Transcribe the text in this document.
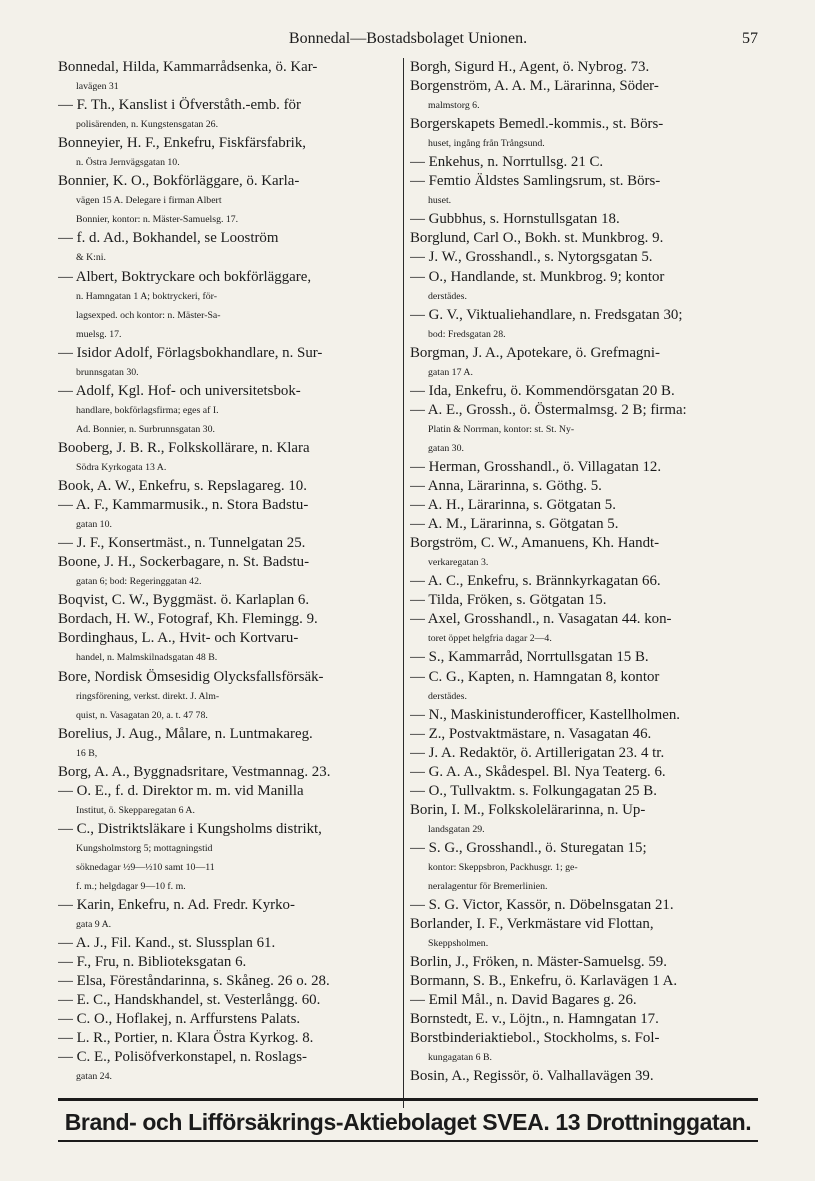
Bonnedal—Bostadsbolaget Unionen.	57
Bonnedal, Hilda, Kammarrådsenka, ö. Kar-
lavägen 31
— F. Th., Kanslist i Öfverståth.-emb. för
polisärenden, n. Kungstensgatan 26.
Bonneyier, H. F., Enkefru, Fiskfärsfabrik,
n. Östra Jernvägsgatan 10.
Bonnier, K. O., Bokförläggare, ö. Karla-
vägen 15 A. Delegare i firman Albert
Bonnier, kontor: n. Mäster-Samuelsg. 17.
— f. d. Ad., Bokhandel, se Looström
& K:ni.
— Albert, Boktryckare och bokförläggare,
n. Hamngatan 1 A; boktryckeri, för-
lagsexped. och kontor: n. Mäster-Sa-
muelsg. 17.
— Isidor Adolf, Förlagsbokhandlare, n. Sur-
brunnsgatan 30.
— Adolf, Kgl. Hof- och universitetsbok-
handlare, bokförlagsfirma; eges af I.
Ad. Bonnier, n. Surbrunnsgatan 30.
Booberg, J. B. R., Folkskollärare, n. Klara
Södra Kyrkogata 13 A.
Book, A. W., Enkefru, s. Repslagareg. 10.
— A. F., Kammarmusik., n. Stora Badstu-
gatan 10.
— J. F., Konsertmäst., n. Tunnelgatan 25.
Boone, J. H., Sockerbagare, n. St. Badstu-
gatan 6; bod: Regeringgatan 42.
Boqvist, C. W., Byggmäst. ö. Karlaplan 6.
Bordach, H. W., Fotograf, Kh. Flemingg. 9.
Bordinghaus, L. A., Hvit- och Kortvaru-
handel, n. Malmskilnadsgatan 48 B.
Bore, Nordisk Ömsesidig Olycksfallsförsäk-
ringsförening, verkst. direkt. J. Alm-
quist, n. Vasagatan 20, a. t. 47 78.
Borelius, J. Aug., Målare, n. Luntmakareg.
16 B,
Borg, A. A., Byggnadsritare, Vestmannag. 23.
— O. E., f. d. Direktor m. m. vid Manilla
Institut, ö. Skepparegatan 6 A.
— C., Distriktsläkare i Kungsholms distrikt,
Kungsholmstorg 5; mottagningstid
söknedagar ½9—½10 samt 10—11
f. m.; helgdagar 9—10 f. m.
— Karin, Enkefru, n. Ad. Fredr. Kyrko-
gata 9 A.
— A. J., Fil. Kand., st. Slussplan 61.
— F., Fru, n. Biblioteksgatan 6.
— Elsa, Föreståndarinna, s. Skåneg. 26 o. 28.
— E. C., Handskhandel, st. Vesterlångg. 60.
— C. O., Hoflakej, n. Arffurstens Palats.
— L. R., Portier, n. Klara Östra Kyrkog. 8.
— C. E., Polisöfverkonstapel, n. Roslags-
gatan 24.
Borgh, Sigurd H., Agent, ö. Nybrog. 73.
Borgenström, A. A. M., Lärarinna, Söder-
malmstorg 6.
Borgerskapets Bemedl.-kommis., st. Börs-
huset, ingång från Trångsund.
— Enkehus, n. Norrtullsg. 21 C.
— Femtio Äldstes Samlingsrum, st. Börs-
huset.
— Gubbhus, s. Hornstullsgatan 18.
Borglund, Carl O., Bokh. st. Munkbrog. 9.
— J. W., Grosshandl., s. Nytorgsgatan 5.
— O., Handlande, st. Munkbrog. 9; kontor
derstädes.
— G. V., Viktualiehandlare, n. Fredsgatan 30;
bod: Fredsgatan 28.
Borgman, J. A., Apotekare, ö. Grefmagni-
gatan 17 A.
— Ida, Enkefru, ö. Kommendörsgatan 20 B.
— A. E., Grossh., ö. Östermalmsg. 2 B; firma:
Platin & Norrman, kontor: st. St. Ny-
gatan 30.
— Herman, Grosshandl., ö. Villagatan 12.
— Anna, Lärarinna, s. Göthg. 5.
— A. H., Lärarinna, s. Götgatan 5.
— A. M., Lärarinna, s. Götgatan 5.
Borgström, C. W., Amanuens, Kh. Handt-
verkaregatan 3.
— A. C., Enkefru, s. Brännkyrkagatan 66.
— Tilda, Fröken, s. Götgatan 15.
— Axel, Grosshandl., n. Vasagatan 44. kon-
toret öppet helgfria dagar 2—4.
— S., Kammarråd, Norrtullsgatan 15 B.
— C. G., Kapten, n. Hamngatan 8, kontor
derstädes.
— N., Maskinistunderofficer, Kastellholmen.
— Z., Postvaktmästare, n. Vasagatan 46.
— J. A. Redaktör, ö. Artillerigatan 23. 4 tr.
— G. A. A., Skådespel. Bl. Nya Teaterg. 6.
— O., Tullvaktm. s. Folkungagatan 25 B.
Borin, I. M., Folkskolelärarinna, n. Up-
landsgatan 29.
— S. G., Grosshandl., ö. Sturegatan 15;
kontor: Skeppsbron, Packhusgr. 1; ge-
neralagentur för Bremerlinien.
— S. G. Victor, Kassör, n. Döbelnsgatan 21.
Borlander, I. F., Verkmästare vid Flottan,
Skeppsholmen.
Borlin, J., Fröken, n. Mäster-Samuelsg. 59.
Bormann, S. B., Enkefru, ö. Karlavägen 1 A.
— Emil Mål., n. David Bagares g. 26.
Bornstedt, E. v., Löjtn., n. Hamngatan 17.
Borstbinderiaktiebol., Stockholms, s. Fol-
kungagatan 6 B.
Bosin, A., Regissör, ö. Valhallavägen 39.
Brand- och Lifförsäkrings-Aktiebolaget SVEA. 13 Drottninggatan.
